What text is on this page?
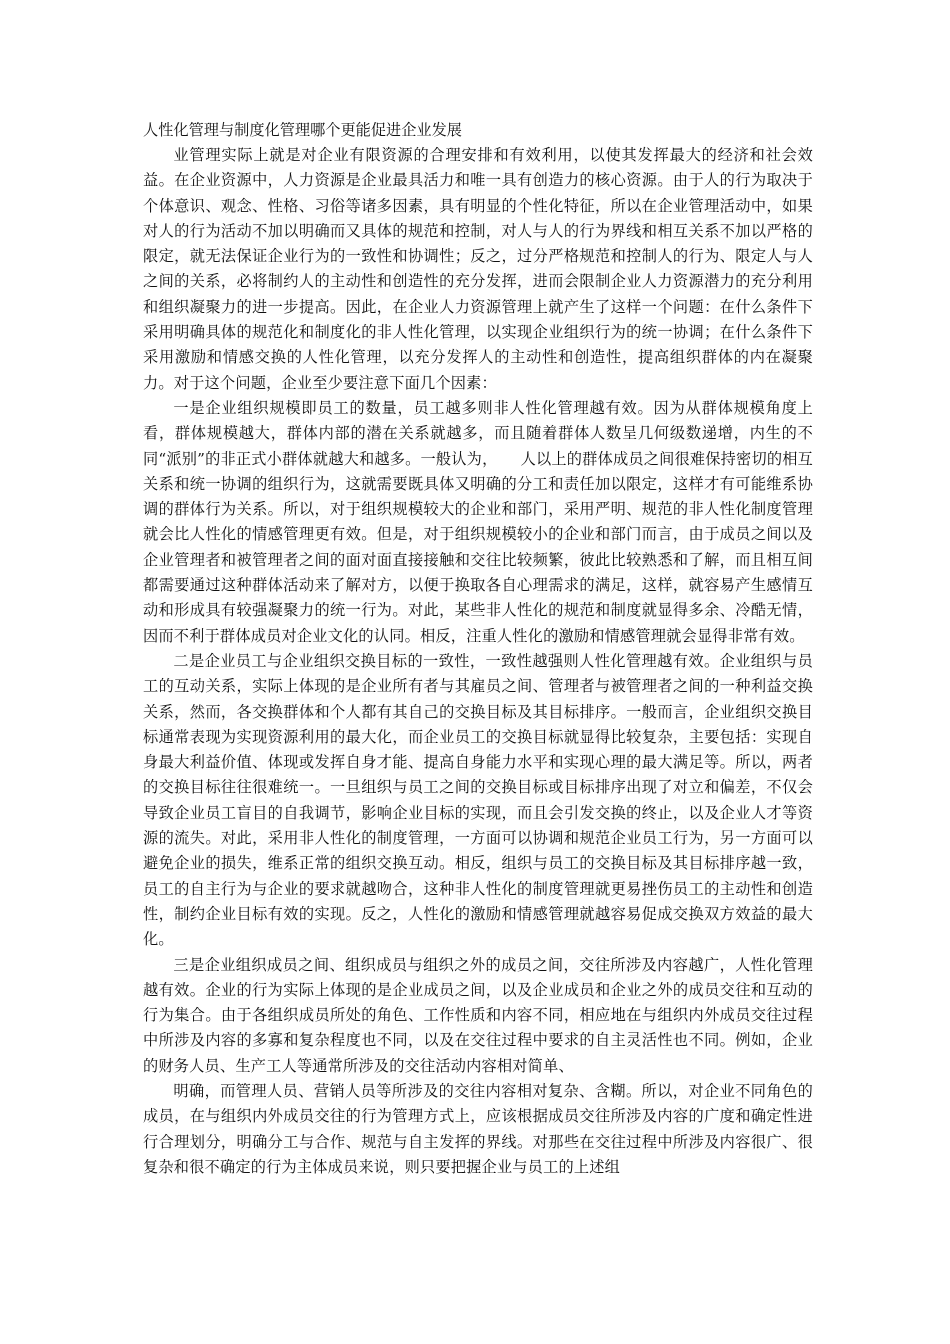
人性化管理与制度化管理哪个更能促进企业发展

业管理实际上就是对企业有限资源的合理安排和有效利用，以使其发挥最大的经济和社会效益。在企业资源中，人力资源是企业最具活力和唯一具有创造力的核心资源。由于人的行为取决于个体意识、观念、性格、习俗等诸多因素，具有明显的个性化特征，所以在企业管理活动中，如果对人的行为活动不加以明确而又具体的规范和控制，对人与人的行为界线和相互关系不加以严格的限定，就无法保证企业行为的一致性和协调性；反之，过分严格规范和控制人的行为、限定人与人之间的关系，必将制约人的主动性和创造性的充分发挥，进而会限制企业人力资源潜力的充分利用和组织凝聚力的进一步提高。因此，在企业人力资源管理上就产生了这样一个问题：在什么条件下采用明确具体的规范化和制度化的非人性化管理，以实现企业组织行为的统一协调；在什么条件下采用激励和情感交换的人性化管理，以充分发挥人的主动性和创造性，提高组织群体的内在凝聚力。对于这个问题，企业至少要注意下面几个因素：

一是企业组织规模即员工的数量，员工越多则非人性化管理越有效。因为从群体规模角度上看，群体规模越大，群体内部的潜在关系就越多，而且随着群体人数呈几何级数递增，内生的不同“派别”的非正式小群体就越大和越多。一般认为，　　人以上的群体成员之间很难保持密切的相互关系和统一协调的组织行为，这就需要既具体又明确的分工和责任加以限定，这样才有可能维系协调的群体行为关系。所以，对于组织规模较大的企业和部门，采用严明、规范的非人性化制度管理就会比人性化的情感管理更有效。但是，对于组织规模较小的企业和部门而言，由于成员之间以及企业管理者和被管理者之间的面对面直接接触和交往比较频繁，彼此比较熟悉和了解，而且相互间都需要通过这种群体活动来了解对方，以便于换取各自心理需求的满足，这样，就容易产生感情互动和形成具有较强凝聚力的统一行为。对此，某些非人性化的规范和制度就显得多余、冷酷无情，因而不利于群体成员对企业文化的认同。相反，注重人性化的激励和情感管理就会显得非常有效。

二是企业员工与企业组织交换目标的一致性，一致性越强则人性化管理越有效。企业组织与员工的互动关系，实际上体现的是企业所有者与其雇员之间、管理者与被管理者之间的一种利益交换关系，然而，各交换群体和个人都有其自己的交换目标及其目标排序。一般而言，企业组织交换目标通常表现为实现资源利用的最大化，而企业员工的交换目标就显得比较复杂，主要包括：实现自身最大利益价值、体现或发挥自身才能、提高自身能力水平和实现心理的最大满足等。所以，两者的交换目标往往很难统一。一旦组织与员工之间的交换目标或目标排序出现了对立和偏差，不仅会导致企业员工盲目的自我调节，影响企业目标的实现，而且会引发交换的终止，以及企业人才等资源的流失。对此，采用非人性化的制度管理，一方面可以协调和规范企业员工行为，另一方面可以避免企业的损失，维系正常的组织交换互动。相反，组织与员工的交换目标及其目标排序越一致，员工的自主行为与企业的要求就越吻合，这种非人性化的制度管理就更易挫伤员工的主动性和创造性，制约企业目标有效的实现。反之，人性化的激励和情感管理就越容易促成交换双方效益的最大化。

三是企业组织成员之间、组织成员与组织之外的成员之间，交往所涉及内容越广，人性化管理越有效。企业的行为实际上体现的是企业成员之间，以及企业成员和企业之外的成员交往和互动的行为集合。由于各组织成员所处的角色、工作性质和内容不同，相应地在与组织内外成员交往过程中所涉及内容的多寡和复杂程度也不同，以及在交往过程中要求的自主灵活性也不同。例如，企业的财务人员、生产工人等通常所涉及的交往活动内容相对简单、

明确，而管理人员、营销人员等所涉及的交往内容相对复杂、含糊。所以，对企业不同角色的成员，在与组织内外成员交往的行为管理方式上，应该根据成员交往所涉及内容的广度和确定性进行合理划分，明确分工与合作、规范与自主发挥的界线。对那些在交往过程中所涉及内容很广、很复杂和很不确定的行为主体成员来说，则只要把握企业与员工的上述组
